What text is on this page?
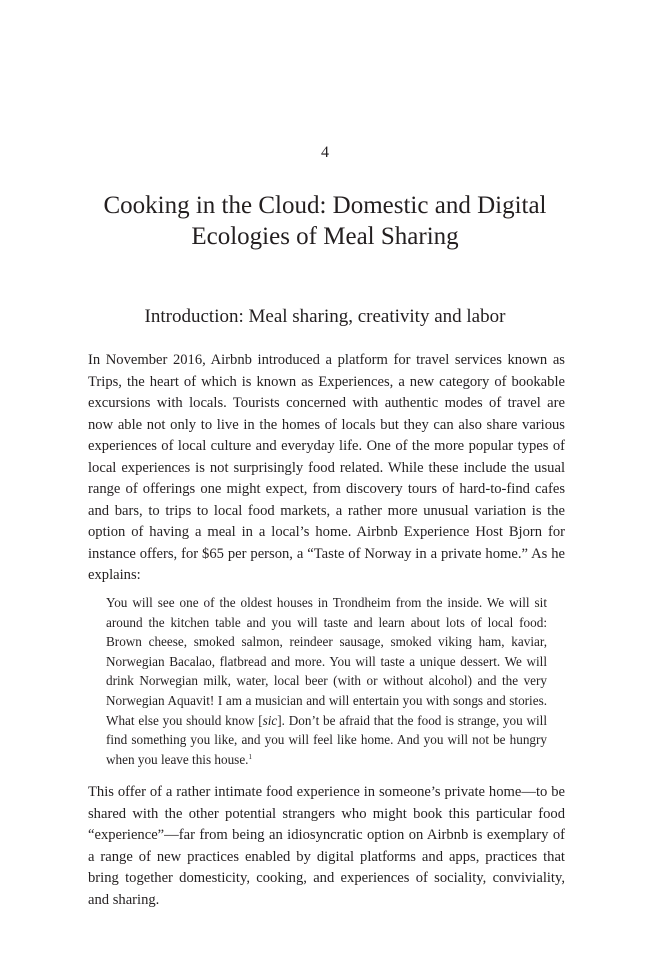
4
Cooking in the Cloud: Domestic and Digital
Ecologies of Meal Sharing
Introduction: Meal sharing, creativity and labor

In November 2016, Airbnb introduced a platform for travel services known as Trips, the heart of which is known as Experiences, a new category of bookable excursions with locals. Tourists concerned with authentic modes of travel are now able not only to live in the homes of locals but they can also share various experiences of local culture and everyday life. One of the more popular types of local experiences is not surprisingly food related. While these include the usual range of offerings one might expect, from discovery tours of hard-to-find cafes and bars, to trips to local food markets, a rather more unusual variation is the option of having a meal in a local’s home. Airbnb Experience Host Bjorn for instance offers, for $65 per person, a “Taste of Norway in a private home.” As he explains:

You will see one of the oldest houses in Trondheim from the inside. We will sit around the kitchen table and you will taste and learn about lots of local food: Brown cheese, smoked salmon, reindeer sausage, smoked viking ham, kaviar, Norwegian Bacalao, flatbread and more. You will taste a unique dessert. We will drink Norwegian milk, water, local beer (with or without alcohol) and the very Norwegian Aquavit! I am a musician and will entertain you with songs and stories. What else you should know [sic]. Don’t be afraid that the food is strange, you will find something you like, and you will feel like home. And you will not be hungry when you leave this house.$^1$

This offer of a rather intimate food experience in someone’s private home—to be shared with the other potential strangers who might book this particular food “experience”—far from being an idiosyncratic option on Airbnb is exemplary of a range of new practices enabled by digital platforms and apps, practices that bring together domesticity, cooking, and experiences of sociality, conviviality, and sharing.
